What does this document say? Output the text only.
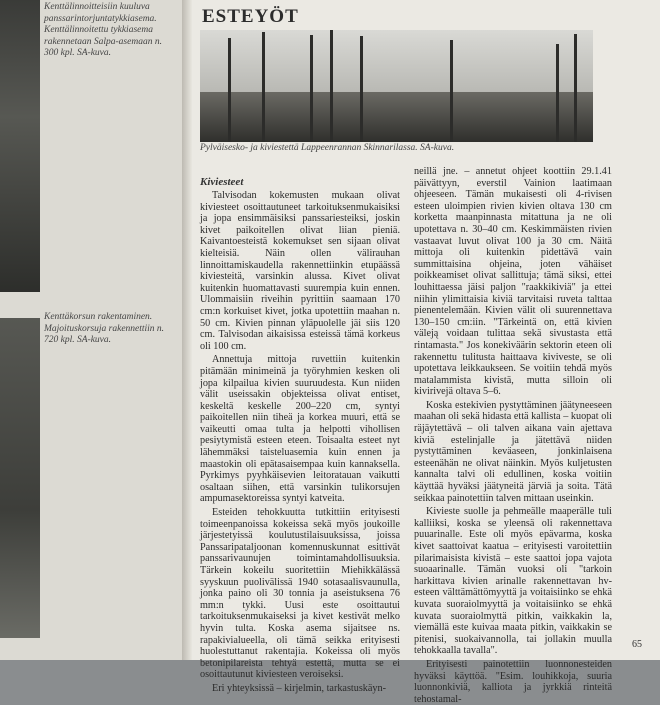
Kenttälinnoitteisiin kuuluva panssarintorjuntatykkiasema. Kenttälinnoitettu tykkiasema rakennetaan Salpa-asemaan n. 300 kpl. SA-kuva.
Kenttäkorsun rakentaminen. Majoituskorsuja rakennettiin n. 720 kpl. SA-kuva.
ESTEYÖT
Pylväisesko- ja kiviestettä Lappeenrannan Skinnarilassa. SA-kuva.
Kiviesteet

Talvisodan kokemusten mukaan olivat kiviesteet osoittautuneet tarkoituksenmukaisiksi ja jopa ensimmäisiksi panssariesteiksi, joskin kivet paikoitellen olivat liian pieniä. Kaivantoesteistä kokemukset sen sijaan olivat kielteisiä. Näin ollen välirauhan linnoittamiskaudella rakennettiinkin etupäässä kiviesteitä, varsinkin alussa. Kivet olivat kuitenkin huomattavasti suurempia kuin ennen. Ulommaisiin riveihin pyrittiin saamaan 170 cm:n korkuiset kivet, jotka upotettiin maahan n. 50 cm. Kivien pinnan yläpuolelle jäi siis 120 cm. Talvisodan aikaisissa esteissä tämä korkeus oli 100 cm.

Annettuja mittoja ruvettiin kuitenkin pitämään minimeinä ja työryhmien kesken oli jopa kilpailua kivien suuruudesta. Kun niiden välit useissakin objekteissa olivat entiset, keskeltä keskelle 200–220 cm, syntyi paikoitellen niin tiheä ja korkea muuri, että se vaikeutti omaa tulta ja helpotti vihollisen pesiytymistä esteen eteen. Toisaalta esteet nyt lähemmäksi taisteluasemia kuin ennen ja maastokin oli epätasaisempaa kuin kannaksella. Pyrkimys pyyhkäisevien leitoratauan vaikutti osaltaan siihen, että varsinkin tulikorsujen ampumasektoreissa syntyi katveita.

Esteiden tehokkuutta tutkittiin erityisesti toimeenpanoissa kokeissa sekä myös joukoille järjestetyissä koulutustilaisuuksissa, joissa Panssaripataljoonan komennuskunnat esittivät panssarivaunujen toimintamahdollisuuksia. Tärkein kokeilu suoritettiin Miehikkälässä syyskuun puolivälissä 1940 sotasaalisvaunulla, jonka paino oli 30 tonnia ja aseistuksena 76 mm:n tykki. Uusi este osoittautui tarkoituksenmukaiseksi ja kivet kestivät melko hyvin tulta. Koska asema sijaitsee ns. rapakivialueella, oli tämä seikka erityisesti huolestuttanut rakentajia. Kokeissa oli myös betonipilareista tehtyä estettä, mutta se ei osoittautunut kiviesteen veroiseksi.

Eri yhteyksissä – kirjelmin, tarkastuskäyn-

neillä jne. – annetut ohjeet koottiin 29.1.41 päivättyyn, everstil Vainion laatimaan ohjeeseen. Tämän mukaisesti oli 4-rivisen esteen uloimpien rivien kivien oltava 130 cm korketta maanpinnasta mitattuna ja ne oli upotettava n. 30–40 cm. Keskimmäisten rivien vastaavat luvut olivat 100 ja 30 cm. Näitä mittoja oli kuitenkin pidettävä vain summittaisina ohjeina, joten vähäiset poikkeamiset olivat sallittuja; tämä siksi, ettei louhittaessa jäisi paljon "raakkikiviä" ja ettei niihin ylimittaisia kiviä tarvitaisi ruveta talttaa pienentelemään. Kivien välit oli suurennettava 130–150 cm:iin. "Tärkeintä on, että kivien väleją voidaan tulittaa sekä sivustasta että rintamasta." Jos konekiväärin sektorin eteen oli rakennettu tulitusta haittaava kiviveste, se oli upotettava leikkaukseen. Se voitiin tehdä myös matalammista kivistä, mutta silloin oli kivirivejä oltava 5–6.

Koska estekivien pystyttäminen jäätyneeseen maahan oli sekä hidasta että kallista – kuopat oli räjäytettävä – oli talven aikana vain ajettava kiviä estelinjalle ja jätettävä niiden pystyttäminen keväaseen, jonkinlaisena esteenähän ne olivat näinkin. Myös kuljetusten kannalta talvi oli edullinen, koska voitiin käyttää hyväksi jäätyneitä järviä ja soita. Tätä seikkaa painotettiin talven mittaan useinkin.

Kivieste suolle ja pehmeälle maaperälle tuli kalliiksi, koska se yleensä oli rakennettava puuarinalle. Este oli myös epävarma, koska kivet saattoivat kaatua – erityisesti varoitettiin pilarimaisista kivistä – este saattoi jopa vajota suoaarinalle. Tämän vuoksi oli "tarkoin harkittava kivien arinalle rakennettavan hv-esteen välttämättömyyttä ja voitaisiinko se ehkä kuvata suoraiolmyyttä ja voitaisiinko se ehkä kuvata suoraiolmyttä pitkin, vaikkakin la, viemällä este kuivaa maata pitkin, vaikkakin se pitenisi, suokaivannolla, tai jollakin muulla tehokkaalla tavalla".

Erityisesti painotettiin luonnonesteiden hyväksi käyttöä. "Esim. louhikkoja, suuria luonnonkiviä, kalliota ja jyrkkiä rinteitä tehostamal-

65
